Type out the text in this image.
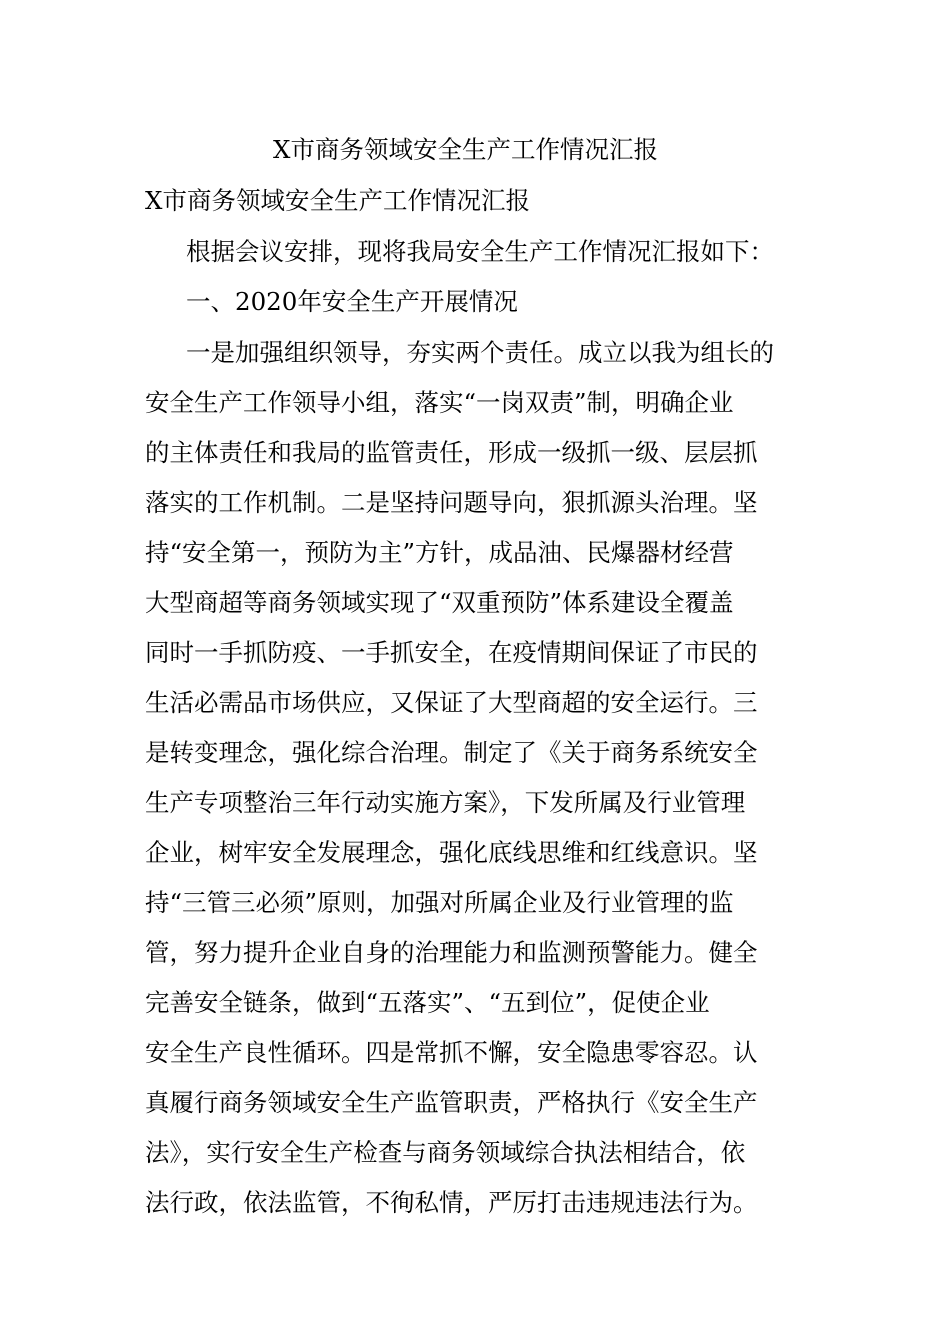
X市商务领域安全生产工作情况汇报

X市商务领域安全生产工作情况汇报

根据会议安排，现将我局安全生产工作情况汇报如下：

一、2020年安全生产开展情况

一是加强组织领导，夯实两个责任。成立以我为组长的

安全生产工作领导小组，落实“一岗双责”制，明确企业

的主体责任和我局的监管责任，形成一级抓一级、层层抓

落实的工作机制。二是坚持问题导向，狠抓源头治理。坚

持“安全第一，预防为主”方针，成品油、民爆器材经营

大型商超等商务领域实现了“双重预防”体系建设全覆盖

同时一手抓防疫、一手抓安全，在疫情期间保证了市民的

生活必需品市场供应，又保证了大型商超的安全运行。三

是转变理念，强化综合治理。制定了《关于商务系统安全

生产专项整治三年行动实施方案》，下发所属及行业管理

企业，树牢安全发展理念，强化底线思维和红线意识。坚

持“三管三必须”原则，加强对所属企业及行业管理的监

管，努力提升企业自身的治理能力和监测预警能力。健全

完善安全链条，做到“五落实”、“五到位”，促使企业

安全生产良性循环。四是常抓不懈，安全隐患零容忍。认

真履行商务领域安全生产监管职责，严格执行《安全生产

法》，实行安全生产检查与商务领域综合执法相结合，依

法行政，依法监管，不徇私情，严厉打击违规违法行为。
